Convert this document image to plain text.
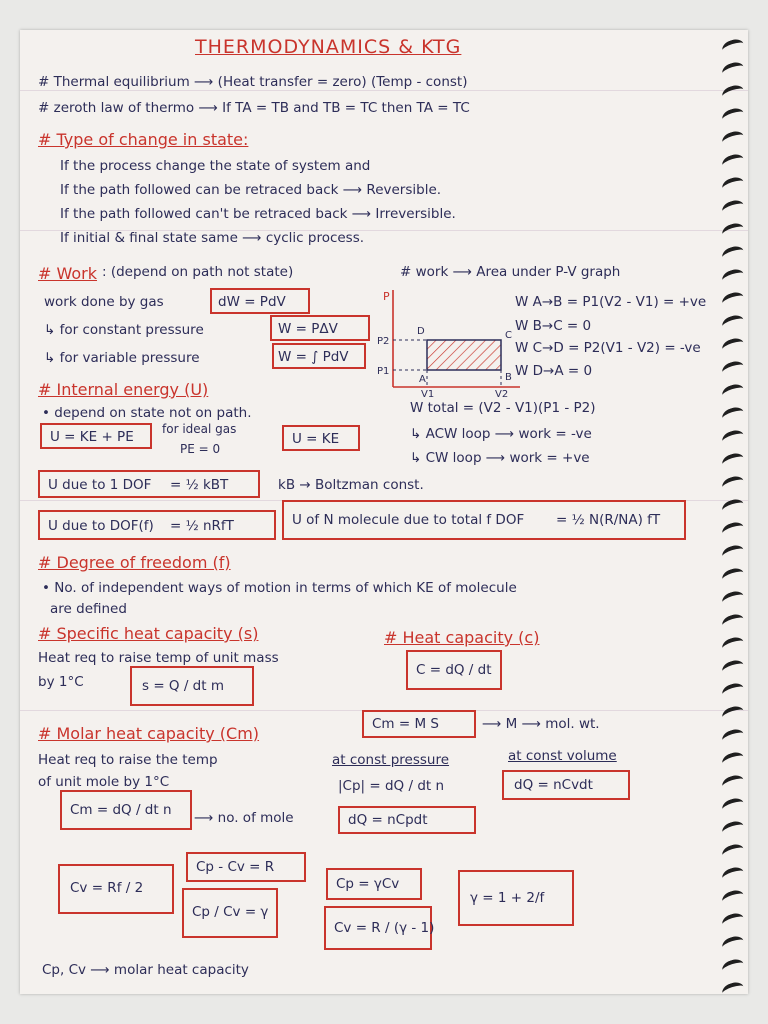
THERMODYNAMICS & KTG
# Thermal equilibrium ⟶ (Heat transfer = zero) (Temp - const)
# zeroth law of thermo ⟶ If TA = TB and TB = TC then TA = TC
# Type of change in state:
If the process change the state of system and
If the path followed can be retraced back ⟶ Reversible.
If the path followed can't be retraced back ⟶ Irreversible.
If initial & final state same ⟶ cyclic process.
# Work : (depend on path not state)	# work ⟶ Area under P-V graph
work done by gas	dW = PdV
↳ for constant pressure	W = PΔV
↳ for variable pressure	W = ∫ PdV
P
P2
P1
V1	V2
D	C
A	B
W A→B = P1(V2 - V1) = +ve
W B→C = 0
W C→D = P2(V1 - V2) = -ve
W D→A = 0
# Internal energy (U)
• depend on state not on path.
U = KE + PE for ideal gas
PE = 0
U = KE
W total = (V2 - V1)(P1 - P2)
↳ ACW loop ⟶ work = -ve
↳ CW loop ⟶ work = +ve
U due to 1 DOF = ½ kBT	kB → Boltzman const.
U due to DOF(f) = ½ nRfT	U of N molecule due to total f DOF = ½ N(R/NA) fT
# Degree of freedom (f)
• No. of independent ways of motion in terms of which KE of molecule
are defined
# Specific heat capacity (s)
Heat req to raise temp of unit mass
by 1°C	s = Q / dt m
# Heat capacity (c)
C = dQ / dt
# Molar heat capacity (Cm)	Cm = M S	⟶ M ⟶ mol. wt.
Heat req to raise the temp
of unit mole by 1°C
at const pressure	at const volume
|Cp| = dQ / dt n	dQ = nCvdt
Cm = dQ / dt n ⟶ no. of mole	dQ = nCpdt
Cv = Rf / 2
Cp - Cv = R
Cp / Cv = γ
Cp = γCv
Cv = R / (γ - 1)
γ = 1 + 2/f
Cp, Cv ⟶ molar heat capacity
